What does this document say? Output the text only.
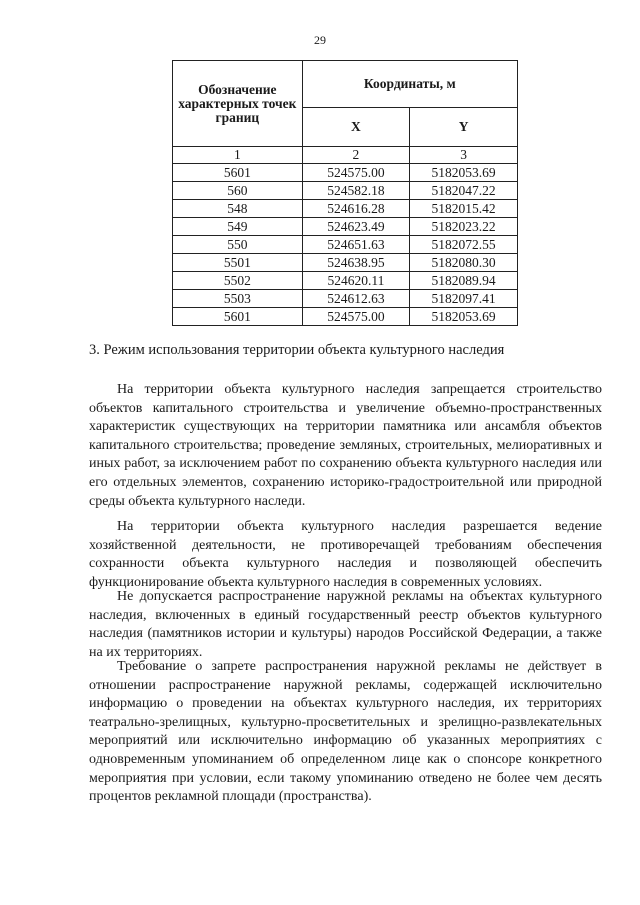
29
Обозначение характерных точек границ	Координаты, м	
	X	Y
1	2	3
5601	524575.00	5182053.69
560	524582.18	5182047.22
548	524616.28	5182015.42
549	524623.49	5182023.22
550	524651.63	5182072.55
5501	524638.95	5182080.30
5502	524620.11	5182089.94
5503	524612.63	5182097.41
5601	524575.00	5182053.69
3. Режим использования территории объекта культурного наследия

На территории объекта культурного наследия запрещается строительство объектов капитального строительства и увеличение объемно-пространственных характеристик существующих на территории памятника или ансамбля объектов капитального строительства; проведение земляных, строительных, мелиоративных и иных работ, за исключением работ по сохранению объекта культурного наследия или его отдельных элементов, сохранению историко-градостроительной или природной среды объекта культурного наследи.

На территории объекта культурного наследия разрешается ведение хозяйственной деятельности, не противоречащей требованиям обеспечения сохранности объекта культурного наследия и позволяющей обеспечить функционирование объекта культурного наследия в современных условиях.

Не допускается распространение наружной рекламы на объектах культурного наследия, включенных в единый государственный реестр объектов культурного наследия (памятников истории и культуры) народов Российской Федерации, а также на их территориях.

Требование о запрете распространения наружной рекламы не действует в отношении распространение наружной рекламы, содержащей исключительно информацию о проведении на объектах культурного наследия, их территориях театрально-зрелищных, культурно-просветительных и зрелищно-развлекательных мероприятий или исключительно информацию об указанных мероприятиях с одновременным упоминанием об определенном лице как о спонсоре конкретного мероприятия при условии, если такому упоминанию отведено не более чем десять процентов рекламной площади (пространства).
